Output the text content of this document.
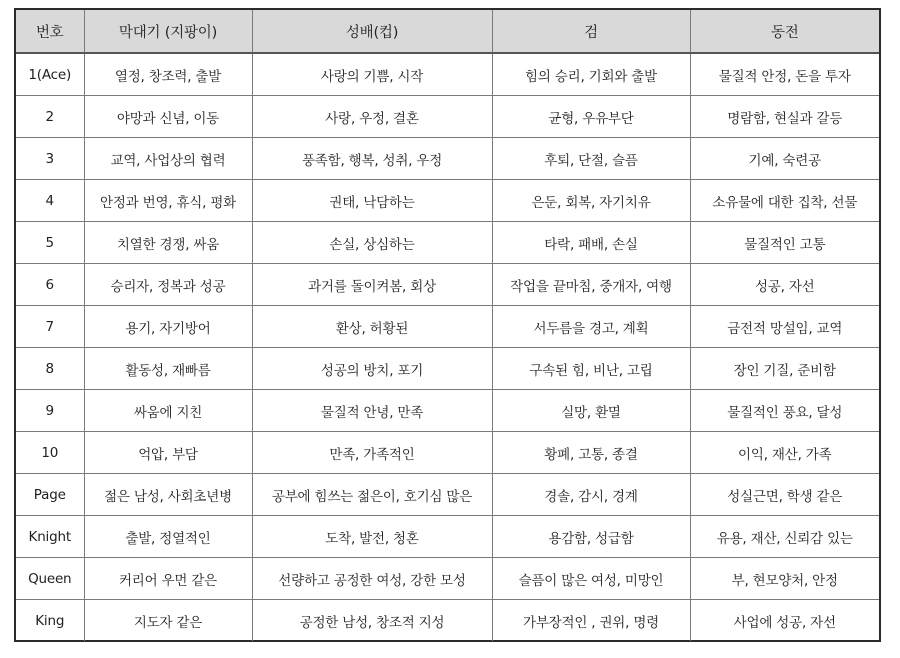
번호	막대기 (지팡이)	성배(컵)	검	동전
1(Ace)	열정, 창조력, 출발	사랑의 기쁨, 시작	힘의 승리, 기회와 출발	물질적 안정, 돈을 투자
2	야망과 신념, 이동	사랑, 우정, 결혼	균형, 우유부단	명람함, 현실과 갈등
3	교역, 사업상의 협력	풍족함, 행복, 성취, 우정	후퇴, 단절, 슬픔	기예, 숙련공
4	안정과 번영, 휴식, 평화	권태, 낙담하는	은둔, 회복, 자기치유	소유물에 대한 집착, 선물
5	치열한 경쟁, 싸움	손실, 상심하는	타락, 패배, 손실	물질적인 고통
6	승리자, 정복과 성공	과거를 돌이켜봄, 회상	작업을 끝마침, 중개자, 여행	성공, 자선
7	용기, 자기방어	환상, 허황된	서두름을 경고, 계획	금전적 망설임, 교역
8	활동성, 재빠름	성공의 방치, 포기	구속된 힘, 비난, 고립	장인 기질, 준비함
9	싸움에 지친	물질적 안녕, 만족	실망, 환멸	물질적인 풍요, 달성
10	억압, 부담	만족, 가족적인	황폐, 고통, 종결	이익, 재산, 가족
Page	젊은 남성, 사회초년병	공부에 힘쓰는 젊은이, 호기심 많은	경솔, 감시, 경계	성실근면, 학생 같은
Knight	출발, 정열적인	도착, 발전, 청혼	용감함, 성급함	유용, 재산, 신뢰감 있는
Queen	커리어 우먼 같은	선량하고 공정한 여성, 강한 모성	슬픔이 많은 여성, 미망인	부, 현모양처, 안정
King	지도자 같은	공정한 남성, 창조적 지성	가부장적인 , 권위, 명령	사업에 성공, 자선
